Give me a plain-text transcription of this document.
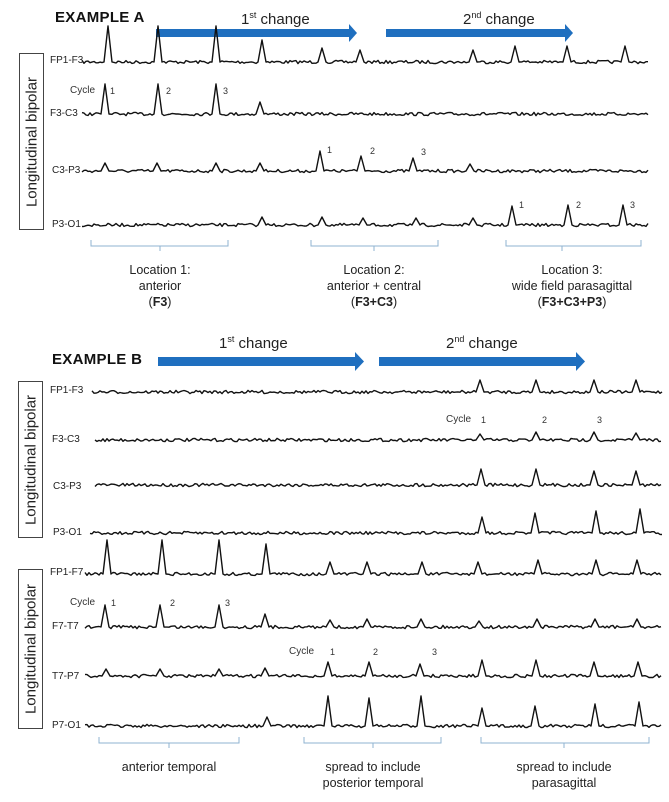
EXAMPLE A	1st change	2nd change
Longitudinal bipolar
FP1-F3
F3-C3
C3-P3
P3-O1
Cycle 1	2	3
1	2	3
1	2	3
Location 1:
anterior
(F3)
Location 2:
anterior + central
(F3+C3)
Location 3:
wide field parasagittal
(F3+C3+P3)
EXAMPLE B
1st change	2nd change
Longitudinal bipolar
FP1-F3
F3-C3
C3-P3
P3-O1
Cycle 1	2	3
Longitudinal bipolar
FP1-F7
F7-T7
T7-P7
P7-O1
Cycle 1	2	3
Cycle 1	2	3
anterior temporal	spread to include
posterior temporal
spread to include
parasagittal
